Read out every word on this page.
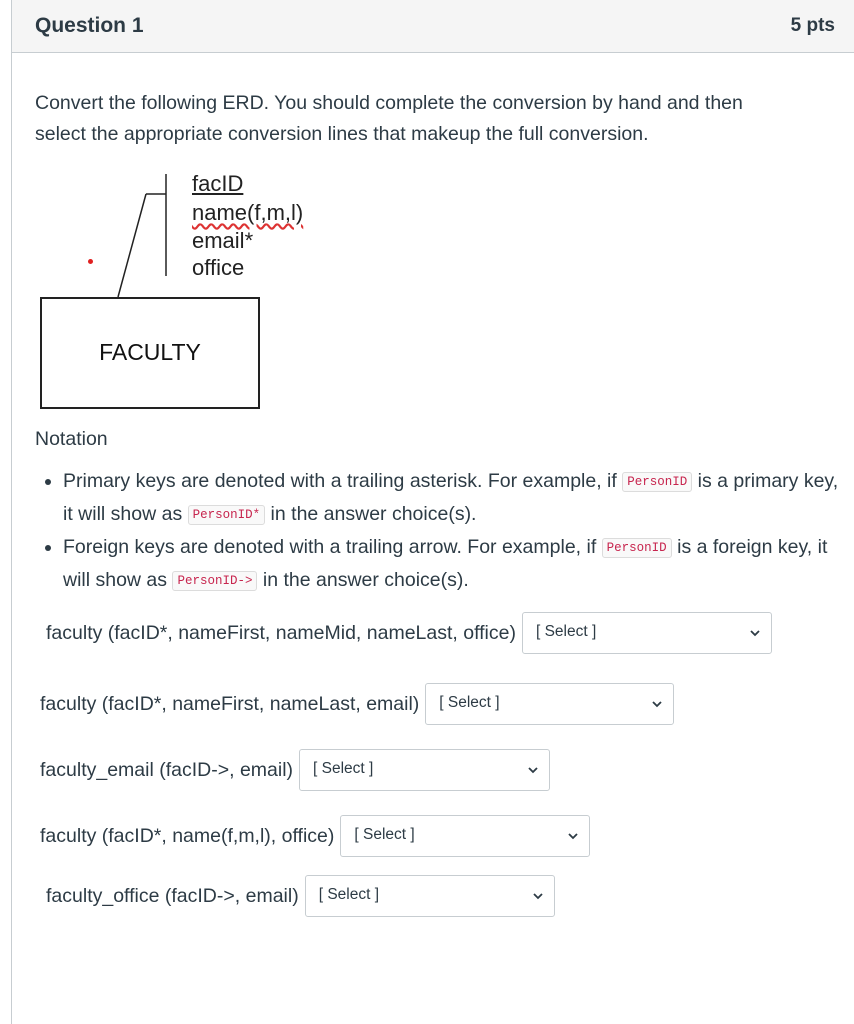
Question 1	5 pts

Convert the following ERD. You should complete the conversion by hand and then
select the appropriate conversion lines that makeup the full conversion.

facID
name(f,m,l)
email*
office
FACULTY
Notation
• Primary keys are denoted with a trailing asterisk. For example, if PersonID is a primary key, it will show as PersonID* in the answer choice(s).
• Foreign keys are denoted with a trailing arrow. For example, if PersonID is a foreign key, it will show as PersonID-> in the answer choice(s).
faculty (facID*, nameFirst, nameMid, nameLast, office) [ Select ]
faculty (facID*, nameFirst, nameLast, email) [ Select ]
faculty_email (facID->, email) [ Select ]
faculty (facID*, name(f,m,l), office) [ Select ]
faculty_office (facID->, email) [ Select ]
